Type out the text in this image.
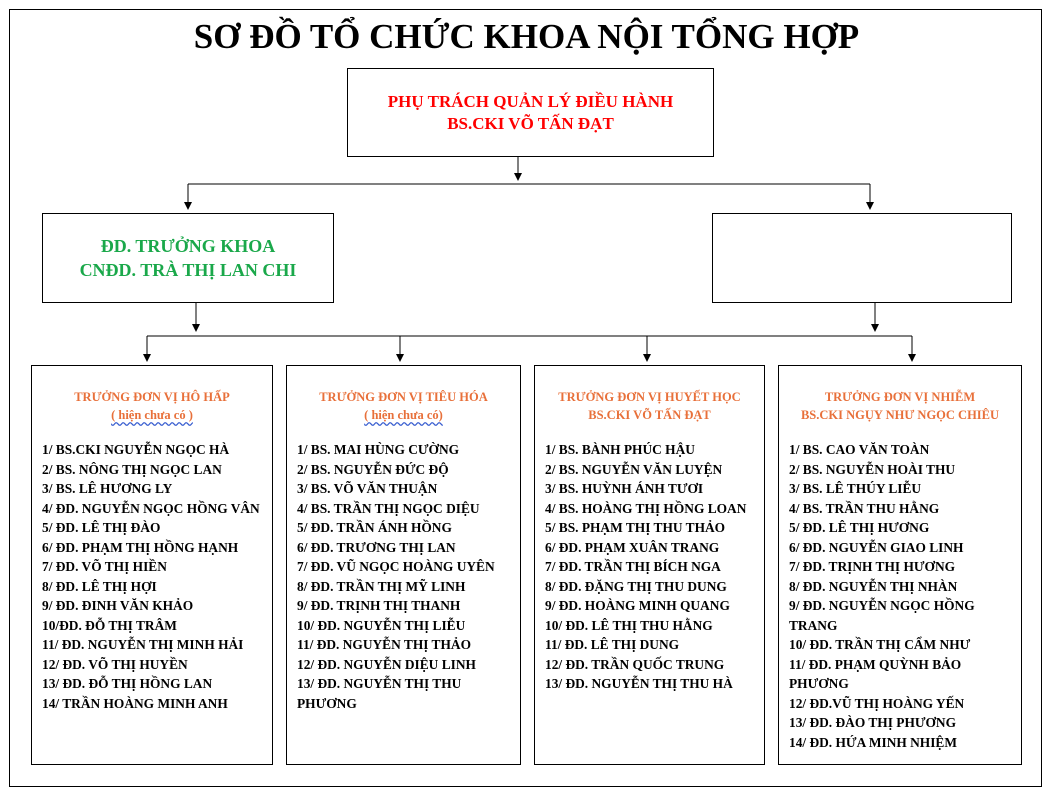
SƠ ĐỒ TỔ CHỨC KHOA NỘI TỔNG HỢP
PHỤ TRÁCH QUẢN LÝ ĐIỀU HÀNH
BS.CKI VÕ TẤN ĐẠT
ĐD. TRƯỞNG KHOA
CNĐD. TRÀ THỊ LAN CHI
TRƯỞNG ĐƠN VỊ HÔ HẤP
( hiện chưa có )
1/ BS.CKI NGUYỄN NGỌC HÀ
2/ BS. NÔNG THỊ NGỌC LAN
3/ BS. LÊ HƯƠNG LY
4/ ĐD. NGUYỄN NGỌC HỒNG VÂN
5/ ĐD. LÊ THỊ ĐÀO
6/ ĐD. PHẠM THỊ HỒNG HẠNH
7/ ĐD. VÕ THỊ HIỀN
8/ ĐD. LÊ THỊ HỢI
9/ ĐD. ĐINH VĂN KHẢO
10/ĐD. ĐỖ THỊ TRÂM
11/ ĐD. NGUYỄN THỊ MINH HẢI
12/ ĐD. VÕ THỊ HUYỀN
13/ ĐD. ĐỖ THỊ HỒNG LAN
14/ TRẦN HOÀNG MINH ANH
TRƯỞNG ĐƠN VỊ TIÊU HÓA
( hiện chưa có)
1/ BS. MAI HÙNG CƯỜNG
2/ BS. NGUYỄN ĐỨC ĐỘ
3/ BS. VÕ VĂN THUẬN
4/ BS. TRẦN THỊ NGỌC DIỆU
5/ ĐD. TRẦN ÁNH HỒNG
6/ ĐD. TRƯƠNG THỊ LAN
7/ ĐD. VŨ NGỌC HOÀNG UYÊN
8/ ĐD. TRẦN THỊ MỸ LINH
9/ ĐD. TRỊNH THỊ THANH
10/ ĐD. NGUYỄN THỊ LIỄU
11/ ĐD. NGUYỄN THỊ THẢO
12/ ĐD. NGUYỄN DIỆU LINH
13/ ĐD. NGUYỄN THỊ THU PHƯƠNG
TRƯỞNG ĐƠN VỊ HUYẾT HỌC
BS.CKI VÕ TẤN ĐẠT
1/ BS. BÀNH PHÚC HẬU
2/ BS. NGUYỄN VĂN LUYỆN
3/ BS. HUỲNH ÁNH TƯƠI
4/ BS. HOÀNG THỊ HỒNG LOAN
5/ BS. PHẠM THỊ THU THẢO
6/ ĐD. PHẠM XUÂN TRANG
7/ ĐD. TRẦN THỊ BÍCH NGA
8/ ĐD. ĐẶNG THỊ THU DUNG
9/ ĐD. HOÀNG MINH QUANG
10/ ĐD. LÊ THỊ THU HẰNG
11/ ĐD. LÊ THỊ DUNG
12/ ĐD. TRẦN QUỐC TRUNG
13/ ĐD. NGUYỄN THỊ THU HÀ
TRƯỞNG ĐƠN VỊ NHIỄM
BS.CKI NGỤY NHƯ NGỌC CHIÊU
1/ BS. CAO VĂN TOÀN
2/ BS. NGUYỄN HOÀI THU
3/ BS. LÊ THÚY LIỄU
4/ BS. TRẦN THU HẰNG
5/ ĐD. LÊ THỊ HƯƠNG
6/ ĐD. NGUYỄN GIAO LINH
7/ ĐD. TRỊNH THỊ HƯƠNG
8/ ĐD. NGUYỄN THỊ NHÀN
9/ ĐD. NGUYỄN NGỌC HỒNG TRANG
10/ ĐD. TRẦN THỊ CẨM NHƯ
11/ ĐD. PHẠM QUỲNH BẢO PHƯƠNG
12/ ĐD.VŨ THỊ HOÀNG YẾN
13/ ĐD. ĐÀO THỊ PHƯƠNG
14/ ĐD. HỨA MINH NHIỆM
